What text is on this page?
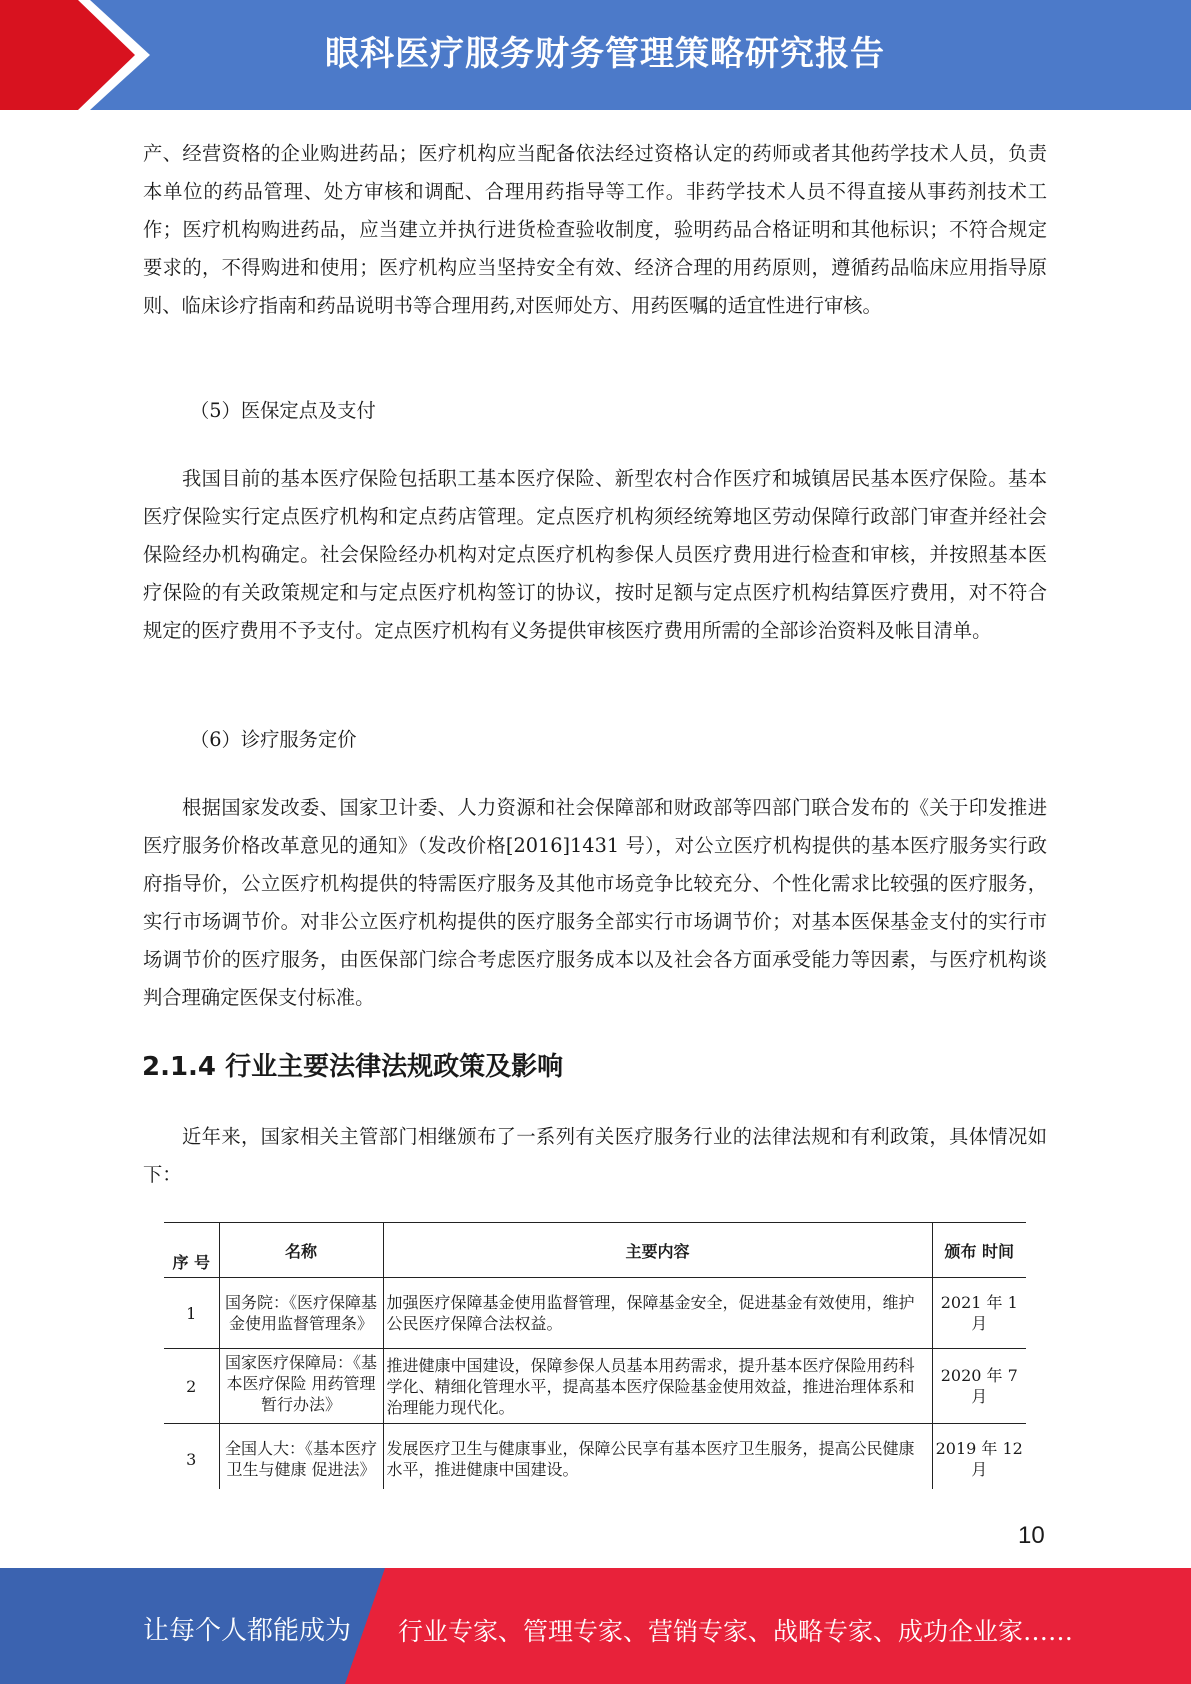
眼科医疗服务财务管理策略研究报告

产、经营资格的企业购进药品；医疗机构应当配备依法经过资格认定的药师或者其他药学技术人员，负责本单位的药品管理、处方审核和调配、合理用药指导等工作。非药学技术人员不得直接从事药剂技术工作；医疗机构购进药品，应当建立并执行进货检查验收制度，验明药品合格证明和其他标识；不符合规定要求的，不得购进和使用；医疗机构应当坚持安全有效、经济合理的用药原则，遵循药品临床应用指导原则、临床诊疗指南和药品说明书等合理用药,对医师处方、用药医嘱的适宜性进行审核。

（5）医保定点及支付

我国目前的基本医疗保险包括职工基本医疗保险、新型农村合作医疗和城镇居民基本医疗保险。基本医疗保险实行定点医疗机构和定点药店管理。定点医疗机构须经统筹地区劳动保障行政部门审查并经社会保险经办机构确定。社会保险经办机构对定点医疗机构参保人员医疗费用进行检查和审核，并按照基本医疗保险的有关政策规定和与定点医疗机构签订的协议，按时足额与定点医疗机构结算医疗费用，对不符合规定的医疗费用不予支付。定点医疗机构有义务提供审核医疗费用所需的全部诊治资料及帐目清单。

（6）诊疗服务定价

根据国家发改委、国家卫计委、人力资源和社会保障部和财政部等四部门联合发布的《关于印发推进医疗服务价格改革意见的通知》（发改价格[2016]1431 号），对公立医疗机构提供的基本医疗服务实行政府指导价，公立医疗机构提供的特需医疗服务及其他市场竞争比较充分、个性化需求比较强的医疗服务，实行市场调节价。对非公立医疗机构提供的医疗服务全部实行市场调节价；对基本医保基金支付的实行市场调节价的医疗服务，由医保部门综合考虑医疗服务成本以及社会各方面承受能力等因素，与医疗机构谈判合理确定医保支付标准。

2.1.4 行业主要法律法规政策及影响

近年来，国家相关主管部门相继颁布了一系列有关医疗服务行业的法律法规和有利政策，具体情况如下：

序 号	名称	主要内容	颁布 时间
1	国务院：《医疗保障基金使用监督管理条》	加强医疗保障基金使用监督管理，保障基金安全，促进基金有效使用，维护公民医疗保障合法权益。	2021 年 1 月
2	国家医疗保障局：《基本医疗保险 用药管理暂行办法》	推进健康中国建设，保障参保人员基本用药需求，提升基本医疗保险用药科学化、精细化管理水平，提高基本医疗保险基金使用效益，推进治理体系和治理能力现代化。	2020 年 7 月
3	全国人大：《基本医疗卫生与健康 促进法》	发展医疗卫生与健康事业，保障公民享有基本医疗卫生服务，提高公民健康水平，推进健康中国建设。	2019 年 12 月
10
让每个人都能成为 行业专家、管理专家、营销专家、战略专家、成功企业家……
